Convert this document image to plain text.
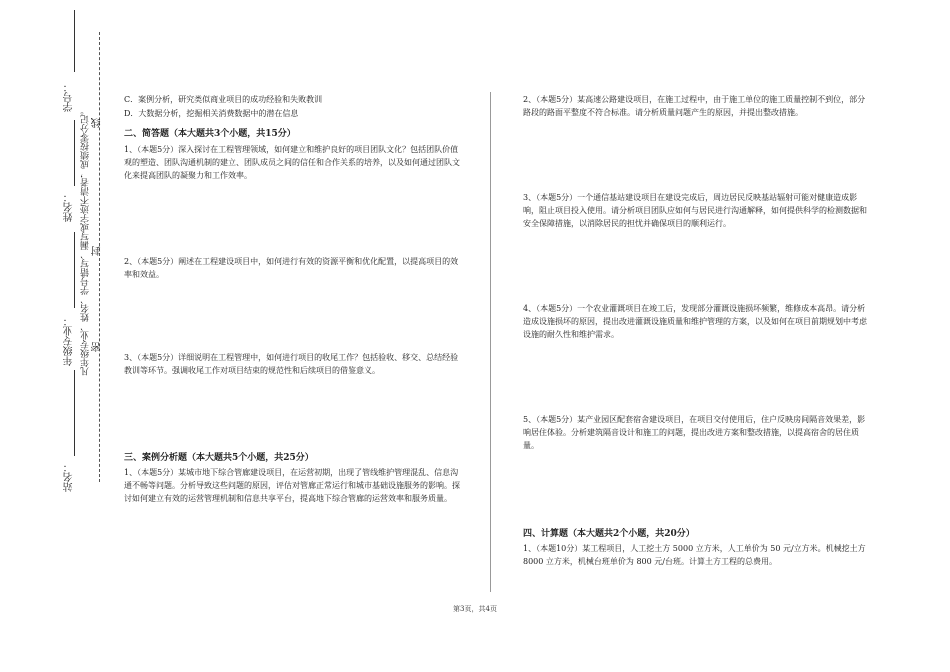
学号：
姓名：
年级专业：
站名：
凡年级专业、姓名、学号错写、漏写或字迹不清者，成绩按零分记。 线
封
密

C．案例分析，研究类似商业项目的成功经验和失败教训

D．大数据分析，挖掘相关消费数据中的潜在信息

二、简答题（本大题共3个小题，共15分）

1、（本题5分）深入探讨在工程管理领域，如何建立和维护良好的项目团队文化？包括团队价值观的塑造、团队沟通机制的建立、团队成员之间的信任和合作关系的培养，以及如何通过团队文化来提高团队的凝聚力和工作效率。

2、（本题5分）阐述在工程建设项目中，如何进行有效的资源平衡和优化配置，以提高项目的效率和效益。

3、（本题5分）详细说明在工程管理中，如何进行项目的收尾工作？包括验收、移交、总结经验教训等环节。强调收尾工作对项目结束的规范性和后续项目的借鉴意义。

三、案例分析题（本大题共5个小题，共25分）

1、（本题5分）某城市地下综合管廊建设项目，在运营初期，出现了管线维护管理混乱、信息沟通不畅等问题。分析导致这些问题的原因，评估对管廊正常运行和城市基础设施服务的影响。探讨如何建立有效的运营管理机制和信息共享平台，提高地下综合管廊的运营效率和服务质量。

2、（本题5分）某高速公路建设项目，在施工过程中，由于施工单位的施工质量控制不到位，部分路段的路面平整度不符合标准。请分析质量问题产生的原因，并提出整改措施。

3、（本题5分）一个通信基站建设项目在建设完成后，周边居民反映基站辐射可能对健康造成影响，阻止项目投入使用。请分析项目团队应如何与居民进行沟通解释，如何提供科学的检测数据和安全保障措施，以消除居民的担忧并确保项目的顺利运行。

4、（本题5分）一个农业灌溉项目在竣工后，发现部分灌溉设施损坏频繁，维修成本高昂。请分析造成设施损坏的原因，提出改进灌溉设施质量和维护管理的方案，以及如何在项目前期规划中考虑设施的耐久性和维护需求。

5、（本题5分）某产业园区配套宿舍建设项目，在项目交付使用后，住户反映房间隔音效果差，影响居住体验。分析建筑隔音设计和施工的问题，提出改进方案和整改措施，以提高宿舍的居住质量。

四、计算题（本大题共2个小题，共20分）

1、（本题10分）某工程项目，人工挖土方 5000 立方米，人工单价为 50 元/立方米。机械挖土方 8000 立方米，机械台班单价为 800 元/台班。计算土方工程的总费用。

第3页，共4页
